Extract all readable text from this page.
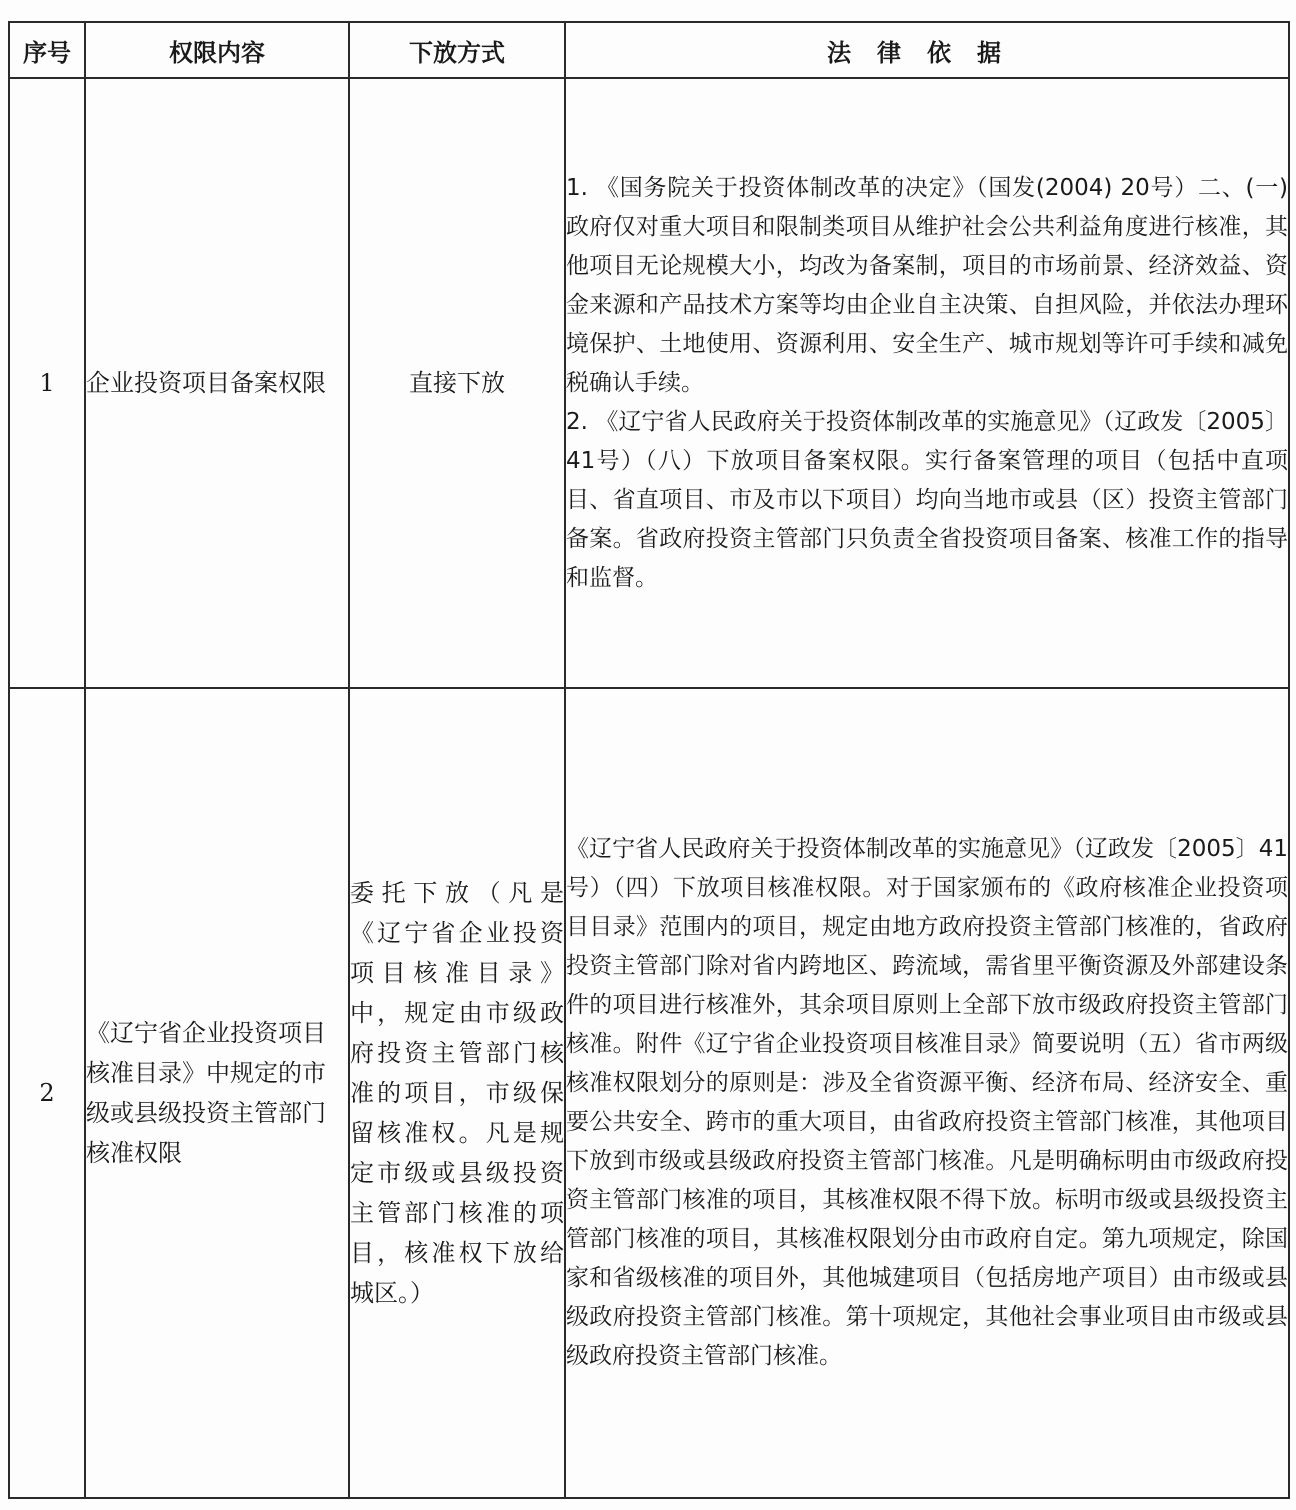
序号	权限内容	下放方式	法律依据
1	企业投资项目备案权限	直接下放	1. 《国务院关于投资体制改革的决定》（国发(2004) 20号）二、(一) 政府仅对重大项目和限制类项目从维护社会公共利益角度进行核准，其他项目无论规模大小，均改为备案制，项目的市场前景、经济效益、资金来源和产品技术方案等均由企业自主决策、自担风险，并依法办理环境保护、土地使用、资源利用、安全生产、城市规划等许可手续和减免税确认手续。
2. 《辽宁省人民政府关于投资体制改革的实施意见》（辽政发〔2005〕41号）（八）下放项目备案权限。实行备案管理的项目（包括中直项目、省直项目、市及市以下项目）均向当地市或县（区）投资主管部门备案。省政府投资主管部门只负责全省投资项目备案、核准工作的指导和监督。

2	《辽宁省企业投资项目核准目录》中规定的市级或县级投资主管部门核准权限	委托下放（凡是《辽宁省企业投资项目核准目录》中，规定由市级政府投资主管部门核准的项目，市级保留核准权。凡是规定市级或县级投资主管部门核准的项目，核准权下放给城区。）	《辽宁省人民政府关于投资体制改革的实施意见》（辽政发〔2005〕41号）（四）下放项目核准权限。对于国家颁布的《政府核准企业投资项目目录》范围内的项目，规定由地方政府投资主管部门核准的，省政府投资主管部门除对省内跨地区、跨流域，需省里平衡资源及外部建设条件的项目进行核准外，其余项目原则上全部下放市级政府投资主管部门核准。附件《辽宁省企业投资项目核准目录》简要说明（五）省市两级核准权限划分的原则是：涉及全省资源平衡、经济布局、经济安全、重要公共安全、跨市的重大项目，由省政府投资主管部门核准，其他项目下放到市级或县级政府投资主管部门核准。凡是明确标明由市级政府投资主管部门核准的项目，其核准权限不得下放。标明市级或县级投资主管部门核准的项目，其核准权限划分由市政府自定。第九项规定，除国家和省级核准的项目外，其他城建项目（包括房地产项目）由市级或县级政府投资主管部门核准。第十项规定，其他社会事业项目由市级或县级政府投资主管部门核准。
